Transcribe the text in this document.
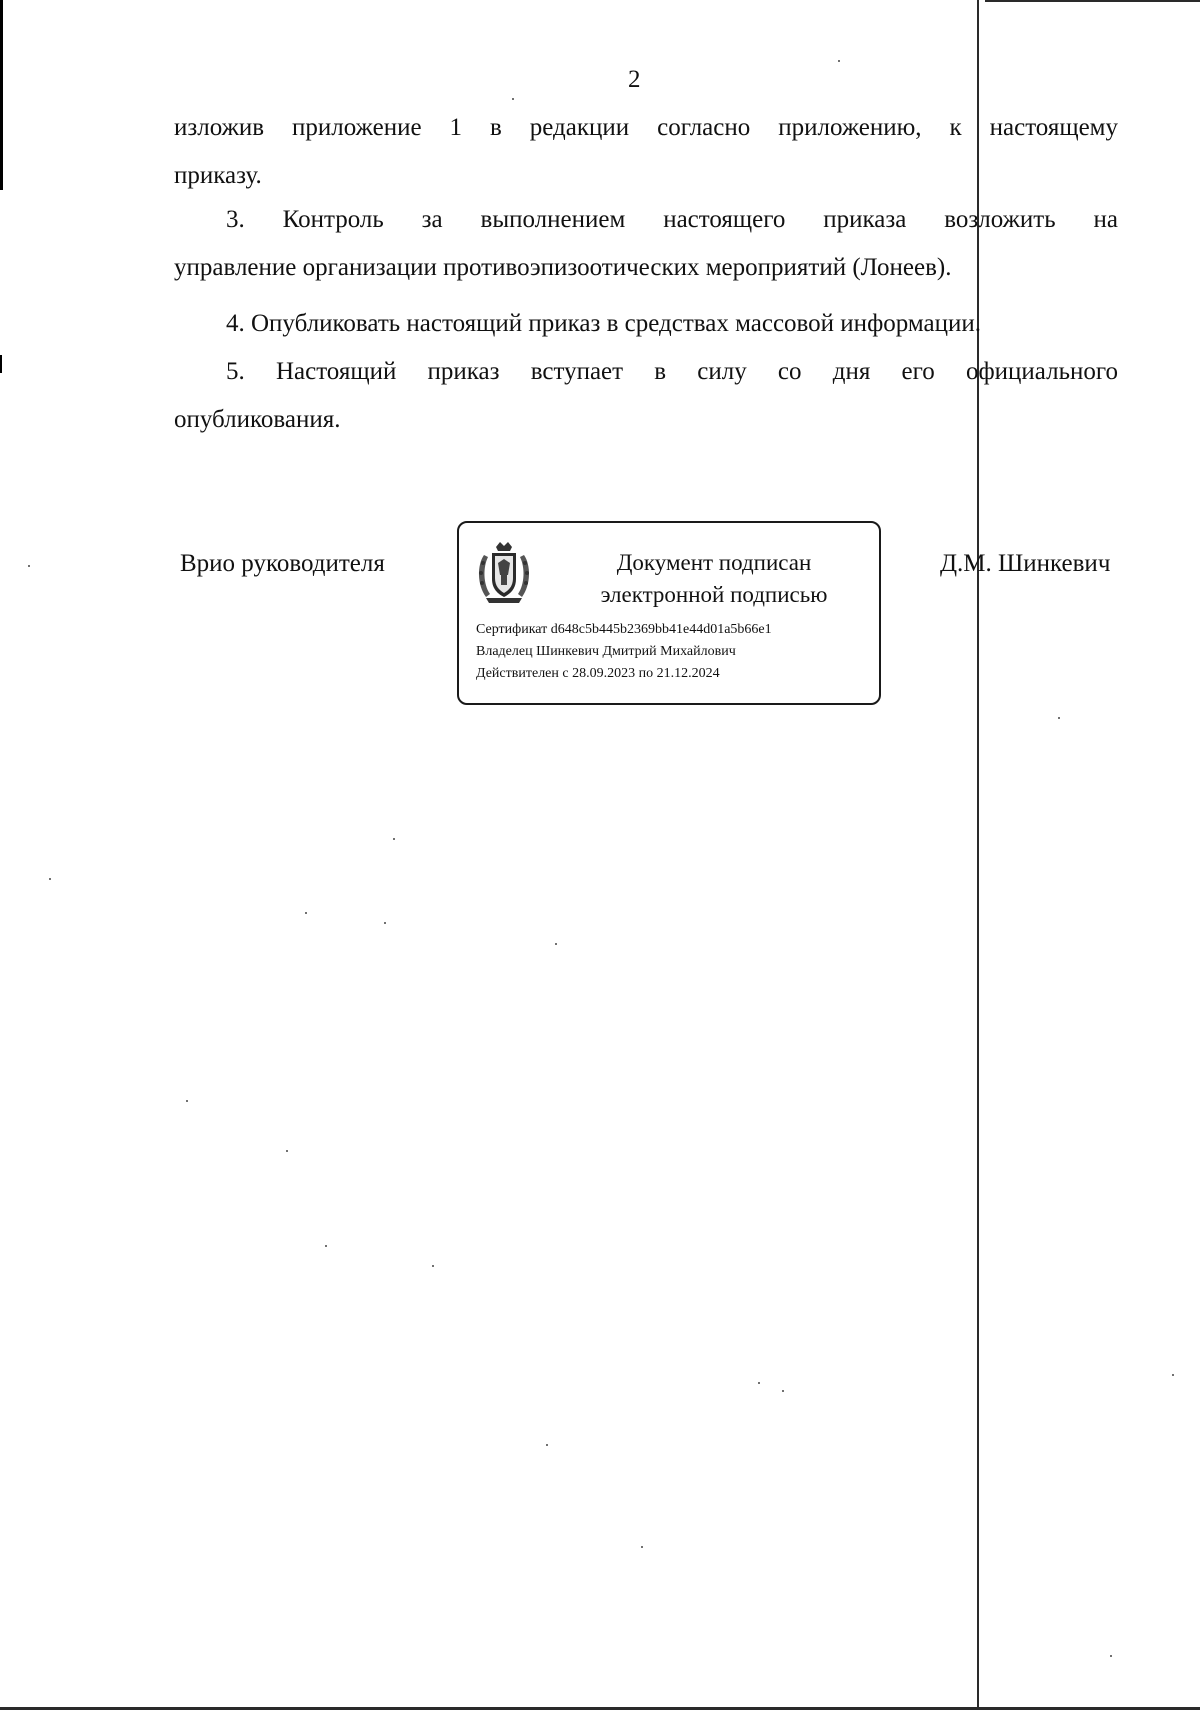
2
изложив приложение 1 в редакции согласно приложению, к настоящему
приказу.
3. Контроль за выполнением настоящего приказа возложить на
управление организации противоэпизоотических мероприятий (Лонеев).
4. Опубликовать настоящий приказ в средствах массовой информации.
5. Настоящий приказ вступает в силу со дня его официального
опубликования.
Врио руководителя	Документ подписан
электронной подписью
Сертификат d648c5b445b2369bb41e44d01a5b66e1
Владелец Шинкевич Дмитрий Михайлович
Действителен с 28.09.2023 по 21.12.2024
Д.М. Шинкевич
